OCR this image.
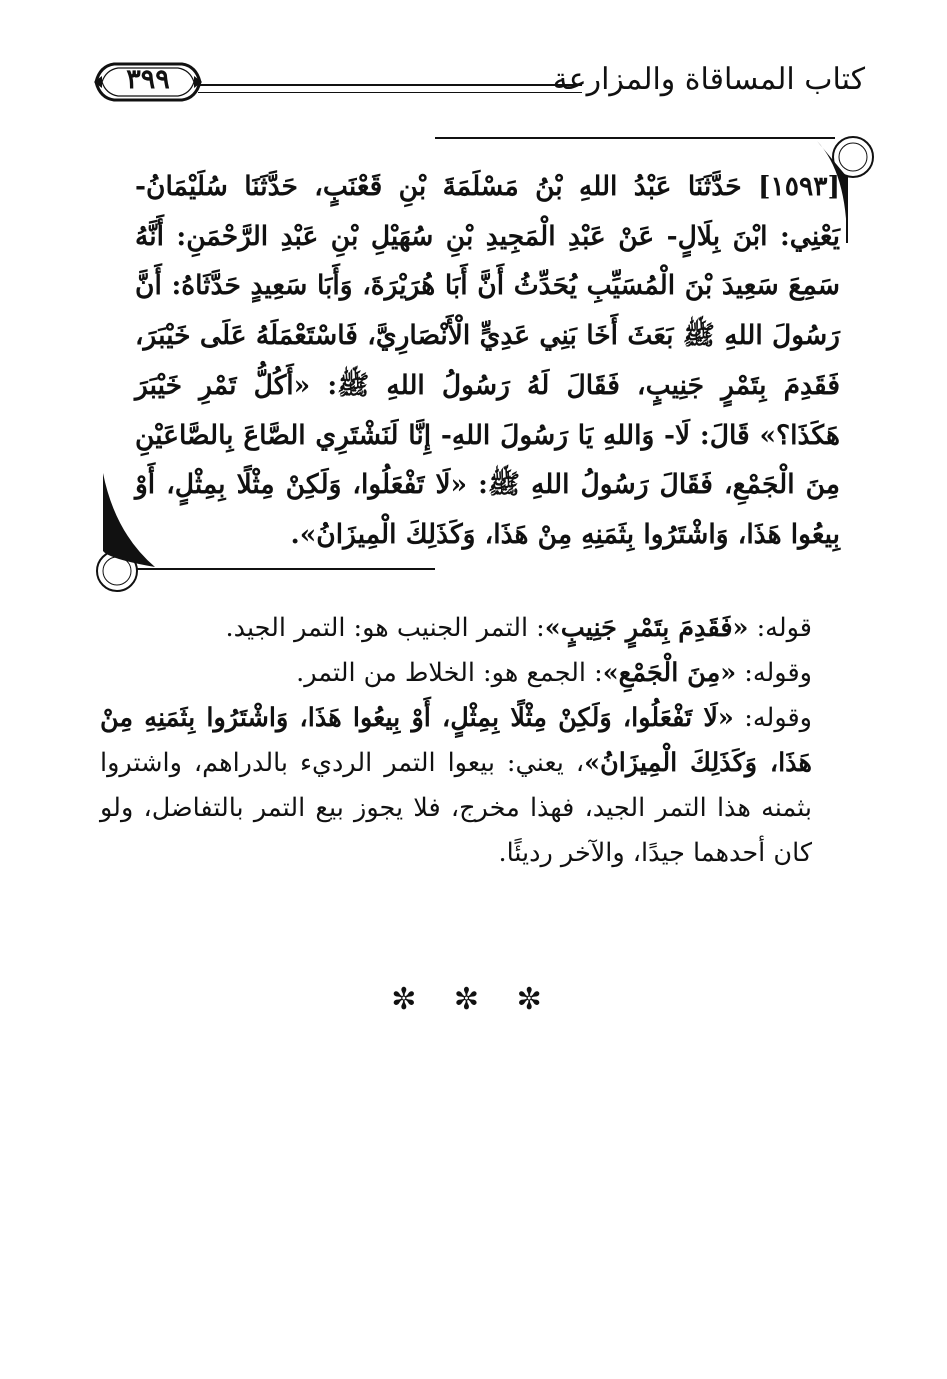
كتاب المساقاة والمزارعة
٣٩٩
[١٥٩٣] حَدَّثَنَا عَبْدُ اللهِ بْنُ مَسْلَمَةَ بْنِ قَعْنَبٍ، حَدَّثَنَا سُلَيْمَانُ- يَعْنِي: ابْنَ بِلَالٍ- عَنْ عَبْدِ الْمَجِيدِ بْنِ سُهَيْلِ بْنِ عَبْدِ الرَّحْمَنِ: أَنَّهُ سَمِعَ سَعِيدَ بْنَ الْمُسَيِّبِ يُحَدِّثُ أَنَّ أَبَا هُرَيْرَةَ، وَأَبَا سَعِيدٍ حَدَّثَاهُ: أَنَّ رَسُولَ اللهِ ﷺ بَعَثَ أَخَا بَنِي عَدِيٍّ الْأَنْصَارِيَّ، فَاسْتَعْمَلَهُ عَلَى خَيْبَرَ، فَقَدِمَ بِتَمْرٍ جَنِيبٍ، فَقَالَ لَهُ رَسُولُ اللهِ ﷺ: «أَكُلُّ تَمْرِ خَيْبَرَ هَكَذَا؟» قَالَ: لَا- وَاللهِ يَا رَسُولَ اللهِ- إِنَّا لَنَشْتَرِي الصَّاعَ بِالصَّاعَيْنِ مِنَ الْجَمْعِ، فَقَالَ رَسُولُ اللهِ ﷺ: «لَا تَفْعَلُوا، وَلَكِنْ مِثْلًا بِمِثْلٍ، أَوْ بِيعُوا هَذَا، وَاشْتَرُوا بِثَمَنِهِ مِنْ هَذَا، وَكَذَلِكَ الْمِيزَانُ».

قوله: «فَقَدِمَ بِتَمْرٍ جَنِيبٍ»: التمر الجنيب هو: التمر الجيد.

وقوله: «مِنَ الْجَمْعِ»: الجمع هو: الخلاط من التمر.

وقوله: «لَا تَفْعَلُوا، وَلَكِنْ مِثْلًا بِمِثْلٍ، أَوْ بِيعُوا هَذَا، وَاشْتَرُوا بِثَمَنِهِ مِنْ هَذَا، وَكَذَلِكَ الْمِيزَانُ»، يعني: بيعوا التمر الرديء بالدراهم، واشتروا بثمنه هذا التمر الجيد، فهذا مخرج، فلا يجوز بيع التمر بالتفاضل، ولو كان أحدهما جيدًا، والآخر رديئًا.

✼ ✼ ✼
